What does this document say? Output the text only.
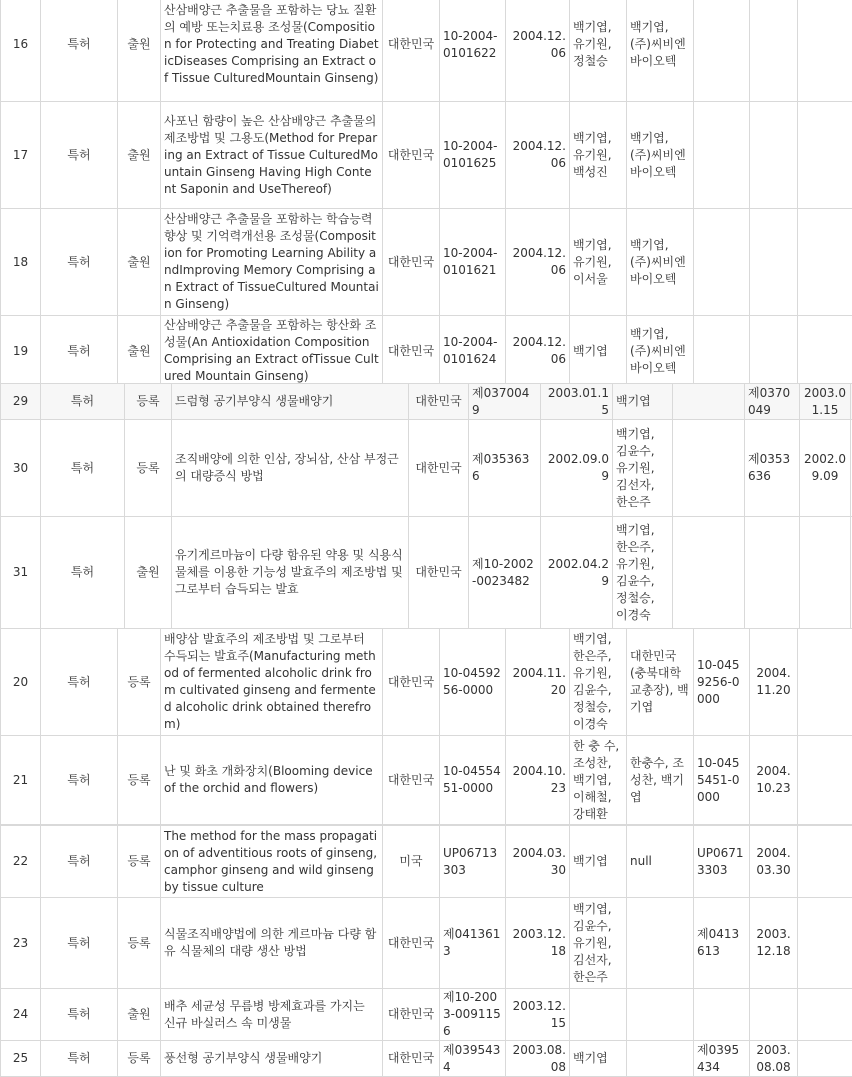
16	특허	출원	산삼배양근 추출물을 포함하는 당뇨 질환의 예방 또는치료용 조성물(Composition for Protecting and Treating DiabeticDiseases Comprising an Extract of Tissue CulturedMountain Ginseng)	대한민국	10-2004-0101622	2004.12.06	백기엽, 유기원, 정철승	백기엽, (주)씨비엔바이오텍			
17	특허	출원	사포닌 함량이 높은 산삼배양근 추출물의 제조방법 및 그용도(Method for Preparing an Extract of Tissue CulturedMountain Ginseng Having High Content Saponin and UseThereof)	대한민국	10-2004-0101625	2004.12.06	백기엽, 유기원, 백성진	백기엽, (주)씨비엔바이오텍			
18	특허	출원	산삼배양근 추출물을 포함하는 학습능력 향상 및 기억력개선용 조성물(Composition for Promoting Learning Ability andImproving Memory Comprising an Extract of TissueCultured Mountain Ginseng)	대한민국	10-2004-0101621	2004.12.06	백기엽, 유기원, 이서울	백기엽, (주)씨비엔바이오텍			
19	특허	출원	산삼배양근 추출물을 포함하는 항산화 조성물(An Antioxidation Composition Comprising an Extract ofTissue Cultured Mountain Ginseng)	대한민국	10-2004-0101624	2004.12.06	백기엽	백기엽, (주)씨비엔바이오텍			
29	특허	등록	드럼형 공기부양식 생물배양기	대한민국	제0370049	2003.01.15	백기엽		제0370049	2003.01.15	
30	특허	등록	조직배양에 의한 인삼, 장뇌삼, 산삼 부정근의 대량증식 방법	대한민국	제0353636	2002.09.09	백기엽, 김윤수, 유기원, 김선자, 한은주		제0353636	2002.09.09	
31	특허	출원	유기게르마늄이 다량 함유된 약용 및 식용식물체를 이용한 기능성 발효주의 제조방법 및 그로부터 습득되는 발효	대한민국	제10-2002-0023482	2002.04.29	백기엽, 한은주, 유기원, 김윤수, 정철승, 이경숙				
20	특허	등록	배양삼 발효주의 제조방법 및 그로부터 수득되는 발효주(Manufacturing method of fermented alcoholic drink from cultivated ginseng and fermented alcoholic drink obtained therefrom)	대한민국	10-0459256-0000	2004.11.20	백기엽, 한은주, 유기원, 김윤수, 정철승, 이경숙	대한민국(충북대학교총장), 백기엽	10-0459256-0000	2004.11.20	
21	특허	등록	난 및 화초 개화장치(Blooming device of the orchid and flowers)	대한민국	10-0455451-0000	2004.10.23	한 충 수, 조성찬, 백기엽, 이해철, 강태환	한충수, 조성찬, 백기엽	10-0455451-0000	2004.10.23	
22	특허	등록	The method for the mass propagation of adventitious roots of ginseng, camphor ginseng and wild ginseng by tissue culture	미국	UP06713303	2004.03.30	백기엽	null	UP06713303	2004.03.30	
23	특허	등록	식물조직배양법에 의한 게르마늄 다량 함유 식물체의 대량 생산 방법	대한민국	제0413613	2003.12.18	백기엽, 김윤수, 유기원, 김선자, 한은주		제0413613	2003.12.18	
24	특허	출원	배추 세균성 무름병 방제효과를 가지는 신규 바실러스 속 미생물	대한민국	제10-2003-0091156	2003.12.15					
25	특허	등록	풍선형 공기부양식 생물배양기	대한민국	제0395434	2003.08.08	백기엽		제0395434	2003.08.08	
